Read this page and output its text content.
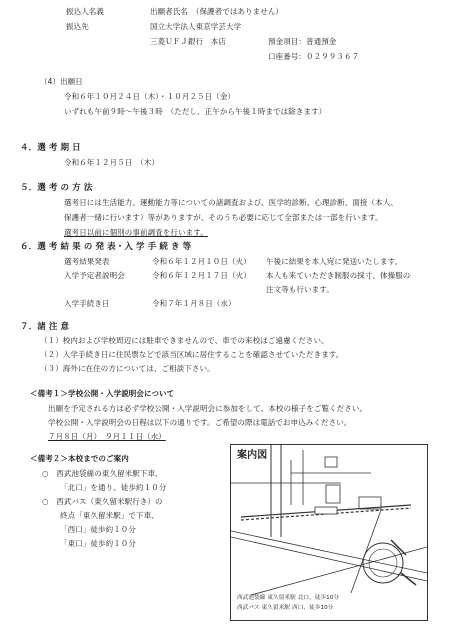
振込人名義	出願者氏名　（保護者ではありません）
振込先	国立大学法人東京学芸大学
三菱ＵＦＪ銀行　本店	預金項目：普通預金
口座番号：０２９９３６７
（4）出願日
令和６年１０月２４日（木）・１０月２５日（金）
いずれも午前９時～午後３時　（ただし、正午から午後１時までは除きます）
４．選 考 期 日
令和６年１２月５日　（木）
５．選 考 の 方 法
選考日には生活能力、運動能力等についての諸調査および、医学的診断、心理診断、面接（本人、
保護者一緒に行います）等がありますが、そのうち必要に応じて全部または一部を行います。
選考日以前に個別の事前調査を行います。
６．選 考 結 果 の 発 表・入 学 手 続 き 等
選考結果発表	令和６年１２月１０日（火） 午後に結果を本人宛に発送いたします。
入学予定者説明会	令和６年１２月１７日（火） 本人も来ていただき制服の採寸、体操服の
注文等も行います。
入学手続き日	令和７年１月８日（水）
７．諸 注 意
（１）校内および学校周辺には駐車できませんので、車での来校はご遠慮ください。
（２）入学手続き日に住民票などで該当区域に居住することを確認させていただきます。
（３）海外に在住の方については、ご相談下さい。
＜備考１＞学校公開・入学説明会について
出願を予定される方は必ず学校公開・入学説明会に参加をして、本校の様子をご覧ください。
学校公開・入学説明会の日程は以下の通りです。ご希望の際は電話でお申込みください。
７月８日（月）　９月１１日（水）
＜備考２＞本校までのご案内
○　西武池袋線の東久留米駅下車、
「北口」を通り、徒歩約１０分
○　西武バス（東久留米駅行き）の
終点「東久留米駅」で下車、
「西口」徒歩約１０分
「東口」徒歩約１０分
案内図
西武池袋線 東久留米駅 北口、徒歩10分
西武バス 東久留米駅 西口、徒歩10分
